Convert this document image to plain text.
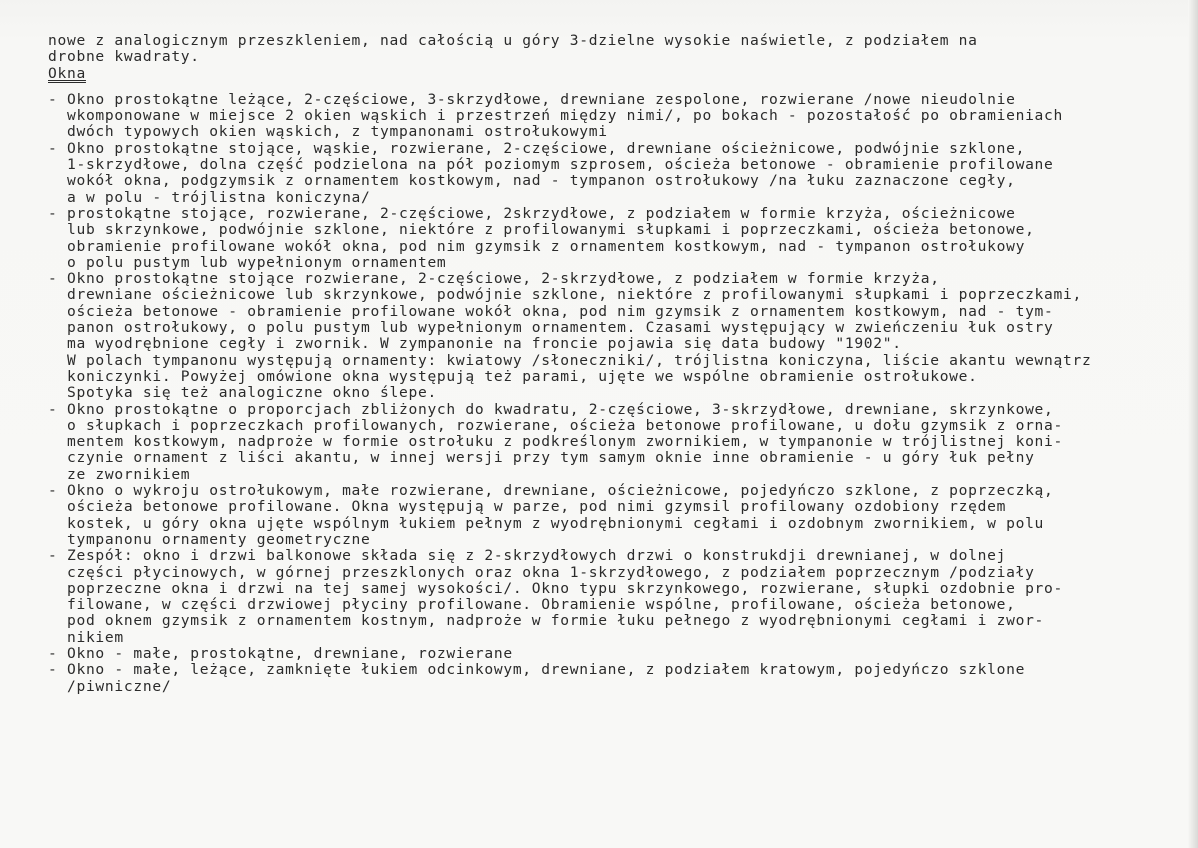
nowe z analogicznym przeszkleniem, nad całością u góry 3-dzielne wysokie naświetle, z podziałem na
drobne kwadraty.
Okna
- Okno prostokątne leżące, 2-częściowe, 3-skrzydłowe, drewniane zespolone, rozwierane /nowe nieudolnie
wkomponowane w miejsce 2 okien wąskich i przestrzeń między nimi/, po bokach - pozostałość po obramieniach
dwóch typowych okien wąskich, z tympanonami ostrołukowymi
- Okno prostokątne stojące, wąskie, rozwierane, 2-częściowe, drewniane ościeżnicowe, podwójnie szklone,
1-skrzydłowe, dolna część podzielona na pół poziomym szprosem, ościeża betonowe - obramienie profilowane
wokół okna, podgzymsik z ornamentem kostkowym, nad - tympanon ostrołukowy /na łuku zaznaczone cegły,
a w polu - trójlistna koniczyna/
- prostokątne stojące, rozwierane, 2-częściowe, 2skrzydłowe, z podziałem w formie krzyża, ościeżnicowe
lub skrzynkowe, podwójnie szklone, niektóre z profilowanymi słupkami i poprzeczkami, ościeża betonowe,
obramienie profilowane wokół okna, pod nim gzymsik z ornamentem kostkowym, nad - tympanon ostrołukowy
o polu pustym lub wypełnionym ornamentem
- Okno prostokątne stojące rozwierane, 2-częściowe, 2-skrzydłowe, z podziałem w formie krzyża,
drewniane ościeżnicowe lub skrzynkowe, podwójnie szklone, niektóre z profilowanymi słupkami i poprzeczkami,
ościeża betonowe - obramienie profilowane wokół okna, pod nim gzymsik z ornamentem kostkowym, nad - tym-
panon ostrołukowy, o polu pustym lub wypełnionym ornamentem. Czasami występujący w zwieńczeniu łuk ostry
ma wyodrębnione cegły i zwornik. W zympanonie na froncie pojawia się data budowy "1902".
W polach tympanonu występują ornamenty: kwiatowy /słoneczniki/, trójlistna koniczyna, liście akantu wewnątrz
koniczynki. Powyżej omówione okna występują też parami, ujęte we wspólne obramienie ostrołukowe.
Spotyka się też analogiczne okno ślepe.
- Okno prostokątne o proporcjach zbliżonych do kwadratu, 2-częściowe, 3-skrzydłowe, drewniane, skrzynkowe,
o słupkach i poprzeczkach profilowanych, rozwierane, ościeża betonowe profilowane, u dołu gzymsik z orna-
mentem kostkowym, nadproże w formie ostrołuku z podkreślonym zwornikiem, w tympanonie w trójlistnej koni-
czynie ornament z liści akantu, w innej wersji przy tym samym oknie inne obramienie - u góry łuk pełny
ze zwornikiem
- Okno o wykroju ostrołukowym, małe rozwierane, drewniane, ościeżnicowe, pojedyńczo szklone, z poprzeczką,
ościeża betonowe profilowane. Okna występują w parze, pod nimi gzymsil profilowany ozdobiony rzędem
kostek, u góry okna ujęte wspólnym łukiem pełnym z wyodrębnionymi cegłami i ozdobnym zwornikiem, w polu
tympanonu ornamenty geometryczne
- Zespół: okno i drzwi balkonowe składa się z 2-skrzydłowych drzwi o konstrukdji drewnianej, w dolnej
części płycinowych, w górnej przeszklonych oraz okna 1-skrzydłowego, z podziałem poprzecznym /podziały
poprzeczne okna i drzwi na tej samej wysokości/. Okno typu skrzynkowego, rozwierane, słupki ozdobnie pro-
filowane, w części drzwiowej płyciny profilowane. Obramienie wspólne, profilowane, ościeża betonowe,
pod oknem gzymsik z ornamentem kostnym, nadproże w formie łuku pełnego z wyodrębnionymi cegłami i zwor-
nikiem
- Okno - małe, prostokątne, drewniane, rozwierane
- Okno - małe, leżące, zamknięte łukiem odcinkowym, drewniane, z podziałem kratowym, pojedyńczo szklone
/piwniczne/
